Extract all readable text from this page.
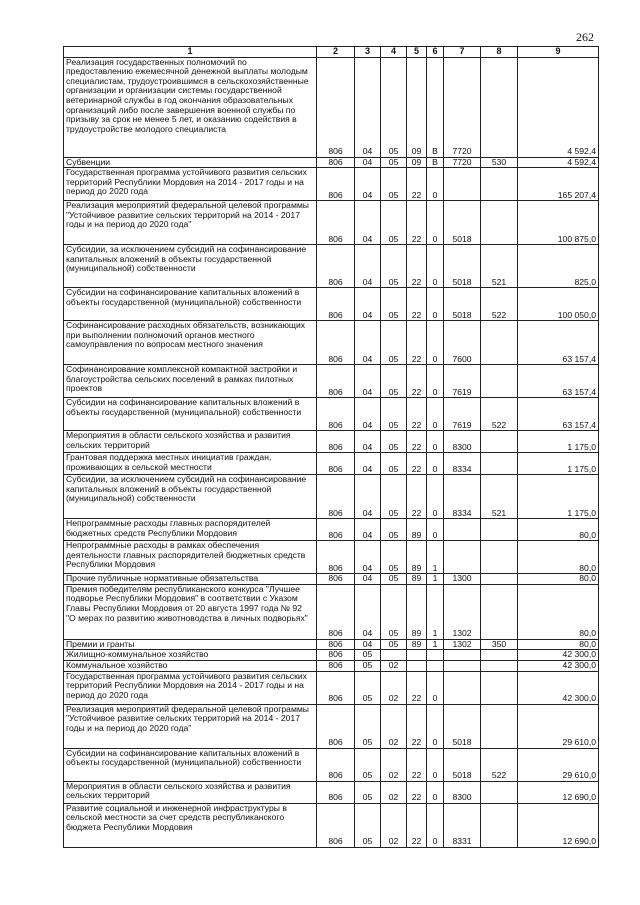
262
1	2	3	4	5	6	7	8	9
Реализация государственных полномочий по предоставлению ежемесячной денежной выплаты молодым специалистам, трудоустроившимся в сельскохозяйственные организации и организации системы государственной ветеринарной службы в год окончания образовательных организаций либо после завершения военной службы по призыву за срок не менее 5 лет, и оказанию содействия в трудоустройстве молодого специалиста	806	04	05	09	В	7720		4 592,4
Субвенции	806	04	05	09	В	7720	530	4 592,4
Государственная программа устойчивого развития сельских территорий Республики Мордовия на 2014 - 2017 годы и на период до 2020 года	806	04	05	22	0			165 207,4
Реализация мероприятий федеральной целевой программы "Устойчивое развитие сельских территорий на 2014 - 2017 годы и на период до 2020 года"	806	04	05	22	0	5018		100 875,0
Субсидии, за исключением субсидий на софинансирование капитальных вложений в объекты государственной (муниципальной) собственности	806	04	05	22	0	5018	521	825,0
Субсидии на софинансирование капитальных вложений в объекты государственной (муниципальной) собственности	806	04	05	22	0	5018	522	100 050,0
Софинансирование расходных обязательств, возникающих при выполнении полномочий органов местного самоуправления по вопросам местного значения	806	04	05	22	0	7600		63 157,4
Софинансирование комплексной компактной застройки и благоустройства сельских поселений в рамках пилотных проектов	806	04	05	22	0	7619		63 157,4
Субсидии на софинансирование капитальных вложений в объекты государственной (муниципальной) собственности	806	04	05	22	0	7619	522	63 157,4
Мероприятия в области сельского хозяйства и развития сельских территорий	806	04	05	22	0	8300		1 175,0
Грантовая поддержка местных инициатив граждан, проживающих в сельской местности	806	04	05	22	0	8334		1 175,0
Субсидии, за исключением субсидий на софинансирование капитальных вложений в объекты государственной (муниципальной) собственности	806	04	05	22	0	8334	521	1 175,0
Непрограммные расходы главных распорядителей бюджетных средств Республики Мордовия	806	04	05	89	0			80,0
Непрограммные расходы в рамках обеспечения деятельности главных распорядителей бюджетных средств Республики Мордовия	806	04	05	89	1			80,0
Прочие публичные нормативные обязательства	806	04	05	89	1	1300		80,0
Премия победителям республиканского конкурса "Лучшее подворье Республики Мордовия" в соответствии с Указом Главы Республики Мордовия от 20 августа 1997 года № 92 "О мерах по развитию животноводства в личных подворьях"	806	04	05	89	1	1302		80,0
Премии и гранты	806	04	05	89	1	1302	350	80,0
Жилищно-коммунальное хозяйство	806	05						42 300,0
Коммунальное хозяйство	806	05	02					42 300,0
Государственная программа устойчивого развития сельских территорий Республики Мордовия на 2014 - 2017 годы и на период до 2020 года	806	05	02	22	0			42 300,0
Реализация мероприятий федеральной целевой программы "Устойчивое развитие сельских территорий на 2014 - 2017 годы и на период до 2020 года"	806	05	02	22	0	5018		29 610,0
Субсидии на софинансирование капитальных вложений в объекты государственной (муниципальной) собственности	806	05	02	22	0	5018	522	29 610,0
Мероприятия в области сельского хозяйства и развития сельских территорий	806	05	02	22	0	8300		12 690,0
Развитие социальной и инженерной инфраструктуры в сельской местности за счет средств республиканского бюджета Республики Мордовия	806	05	02	22	0	8331		12 690,0
